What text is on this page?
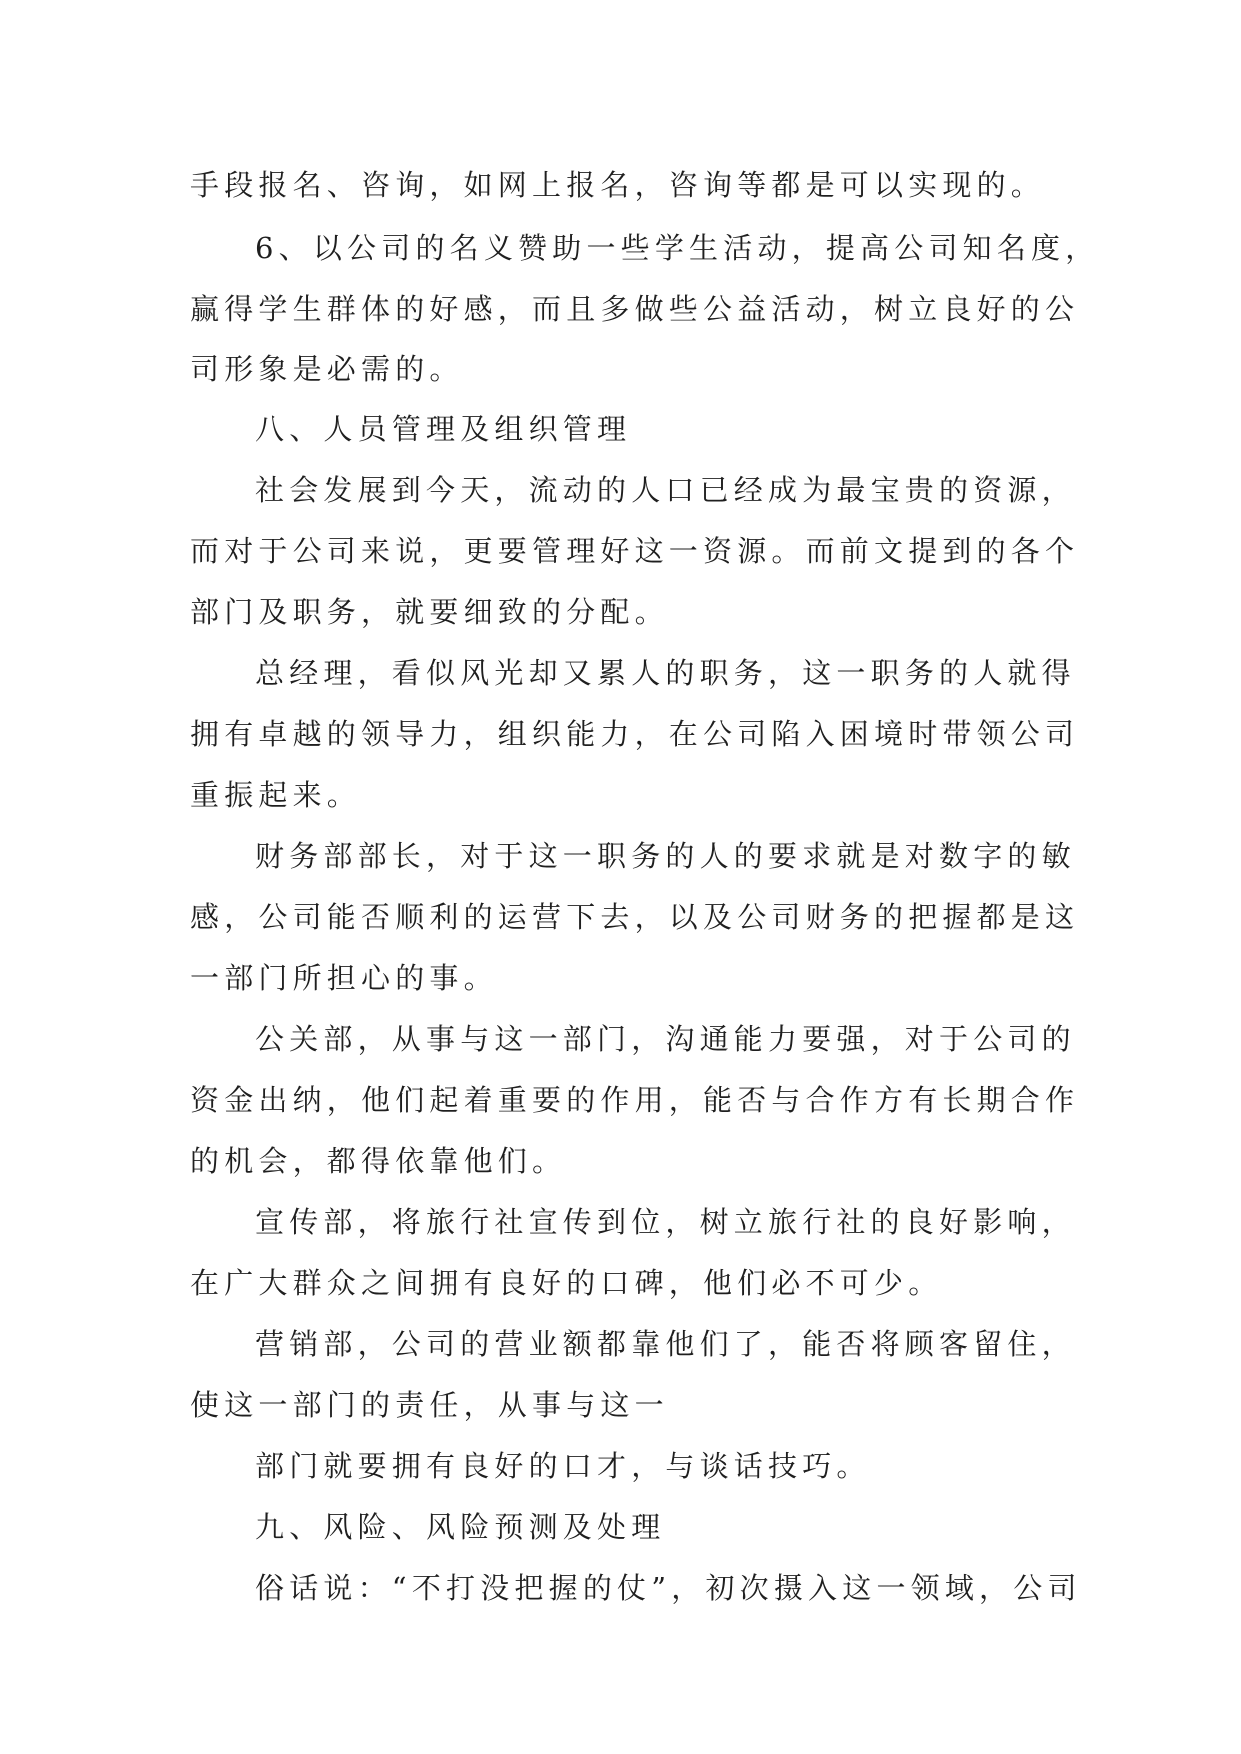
手段报名、咨询，如网上报名，咨询等都是可以实现的。
6、以公司的名义赞助一些学生活动，提高公司知名度，
赢得学生群体的好感，而且多做些公益活动，树立良好的公
司形象是必需的。
八、人员管理及组织管理
社会发展到今天，流动的人口已经成为最宝贵的资源，
而对于公司来说，更要管理好这一资源。而前文提到的各个
部门及职务，就要细致的分配。
总经理，看似风光却又累人的职务，这一职务的人就得
拥有卓越的领导力，组织能力，在公司陷入困境时带领公司
重振起来。
财务部部长，对于这一职务的人的要求就是对数字的敏
感，公司能否顺利的运营下去，以及公司财务的把握都是这
一部门所担心的事。
公关部，从事与这一部门，沟通能力要强，对于公司的
资金出纳，他们起着重要的作用，能否与合作方有长期合作
的机会，都得依靠他们。
宣传部，将旅行社宣传到位，树立旅行社的良好影响，
在广大群众之间拥有良好的口碑，他们必不可少。
营销部，公司的营业额都靠他们了，能否将顾客留住，
使这一部门的责任，从事与这一
部门就要拥有良好的口才，与谈话技巧。
九、风险、风险预测及处理
俗话说：“不打没把握的仗”，初次摄入这一领域，公司
